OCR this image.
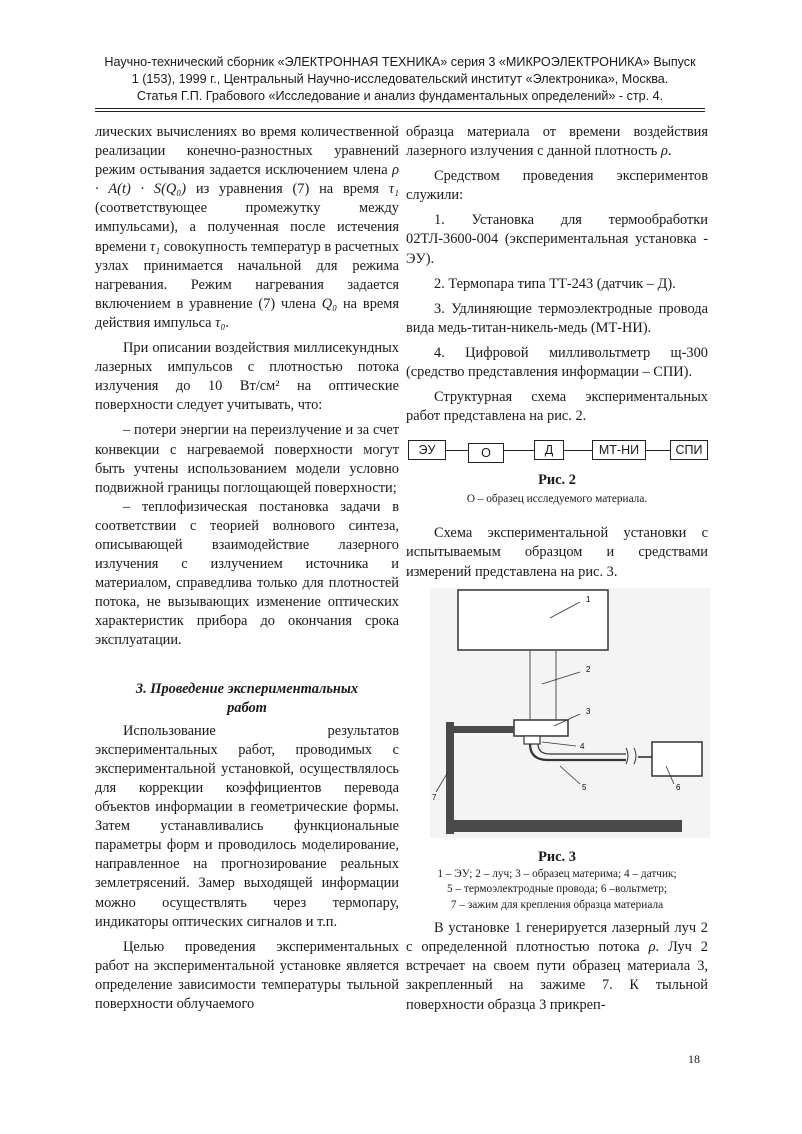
Научно-технический сборник «ЭЛЕКТРОННАЯ ТЕХНИКА» серия 3 «МИКРОЭЛЕКТРОНИКА» Выпуск
1 (153), 1999 г., Центральный Научно-исследовательский институт «Электроника», Москва.
Статья Г.П. Грабового «Исследование и анализ фундаментальных определений» - стр. 4.

лических вычислениях во время количественной реализации конечно-разностных уравнений режим остывания задается исключением члена ρ · A(t) · S(Q₀) из уравнения (7) на время τ₁ (соответствующее промежутку между импульсами), а полученная после истечения времени τ₁ совокупность температур в расчетных узлах принимается начальной для режима нагревания. Режим нагревания задается включением в уравнение (7) члена Q₀ на время действия импульса τ₀.

При описании воздействия миллисекундных лазерных импульсов с плотностью потока излучения до 10 Вт/см² на оптические поверхности следует учитывать, что:

– потери энергии на переизлучение и за счет конвекции с нагреваемой поверхности могут быть учтены использованием модели условно подвижной границы поглощающей поверхности;

– теплофизическая постановка задачи в соответствии с теорией волнового синтеза, описывающей взаимодействие лазерного излучения с излучением источника и материалом, справедлива только для плотностей потока, не вызывающих изменение оптических характеристик прибора до окончания срока эксплуатации.

3. Проведение экспериментальных
работ

Использование результатов экспериментальных работ, проводимых с экспериментальной установкой, осуществлялось для коррекции коэффициентов перевода объектов информации в геометрические формы. Затем устанавливались функциональные параметры форм и проводилось моделирование, направленное на прогнозирование реальных землетрясений. Замер выходящей информации можно осуществлять через термопару, индикаторы оптических сигналов и т.п.

Целью проведения экспериментальных работ на экспериментальной установке является определение зависимости температуры тыльной поверхности облучаемого

образца материала от времени воздействия лазерного излучения с данной плотность ρ.

Средством проведения экспериментов служили:

1. Установка для термообработки 02ТЛ-3600-004 (экспериментальная установка - ЭУ).

2. Термопара типа ТТ-243 (датчик – Д).

3. Удлиняющие термоэлектродные провода вида медь-титан-никель-медь (МТ-НИ).

4. Цифровой милливольтметр щ-300 (средство представления информации – СПИ).

Структурная схема экспериментальных работ представлена на рис. 2.

ЭУ	О	Д	МТ-НИ	СПИ
Рис. 2
О – образец исследуемого материала.

Схема экспериментальной установки с испытываемым образцом и средствами измерений представлена на рис. 3.

1
2
3
4
5	6
7
Рис. 3
1 – ЭУ; 2 – луч; 3 – образец материма; 4 – датчик;
5 – термоэлектродные провода; 6 –вольтметр;
7 – зажим для крепления образца материала

В установке 1 генерируется лазерный луч 2 с определенной плотностью потока ρ. Луч 2 встречает на своем пути образец материала 3, закрепленный на зажиме 7. К тыльной поверхности образца 3 прикреп-

18
